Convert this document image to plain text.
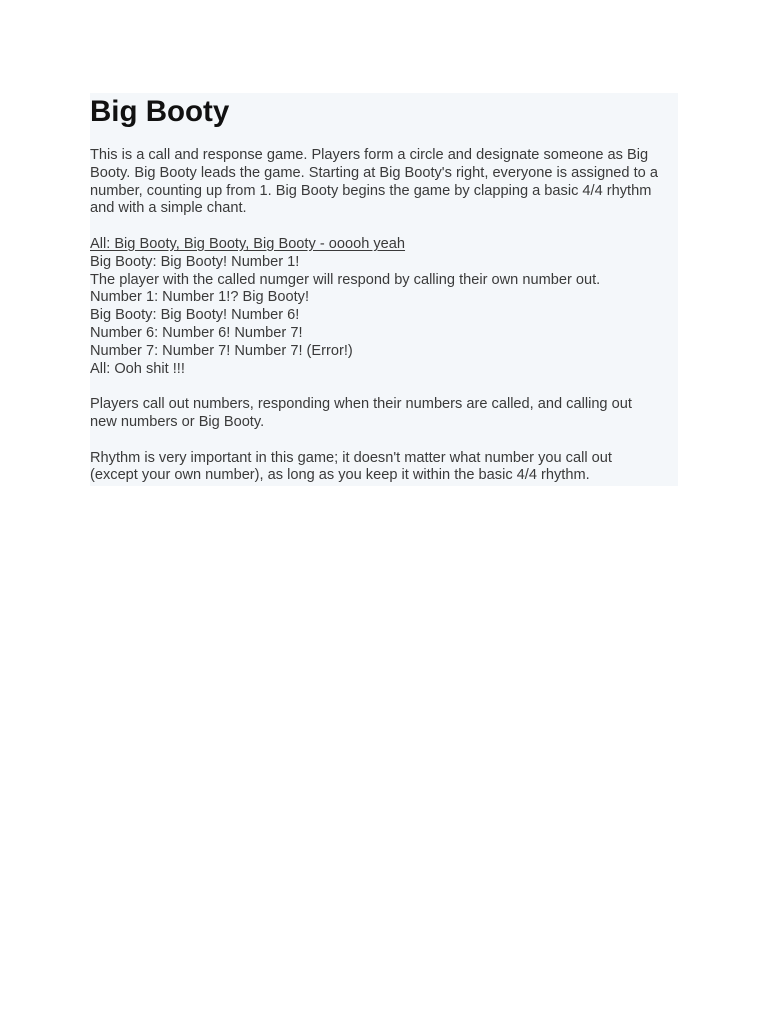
Big Booty

This is a call and response game. Players form a circle and designate someone as Big
Booty. Big Booty leads the game. Starting at Big Booty's right, everyone is assigned to a
number, counting up from 1. Big Booty begins the game by clapping a basic 4/4 rhythm
and with a simple chant.

All: Big Booty, Big Booty, Big Booty - ooooh yeah
Big Booty: Big Booty! Number 1!
The player with the called numger will respond by calling their own number out.
Number 1: Number 1!? Big Booty!
Big Booty: Big Booty! Number 6!
Number 6: Number 6! Number 7!
Number 7: Number 7! Number 7! (Error!)
All: Ooh shit !!!

Players call out numbers, responding when their numbers are called, and calling out
new numbers or Big Booty.

Rhythm is very important in this game; it doesn't matter what number you call out
(except your own number), as long as you keep it within the basic 4/4 rhythm.
